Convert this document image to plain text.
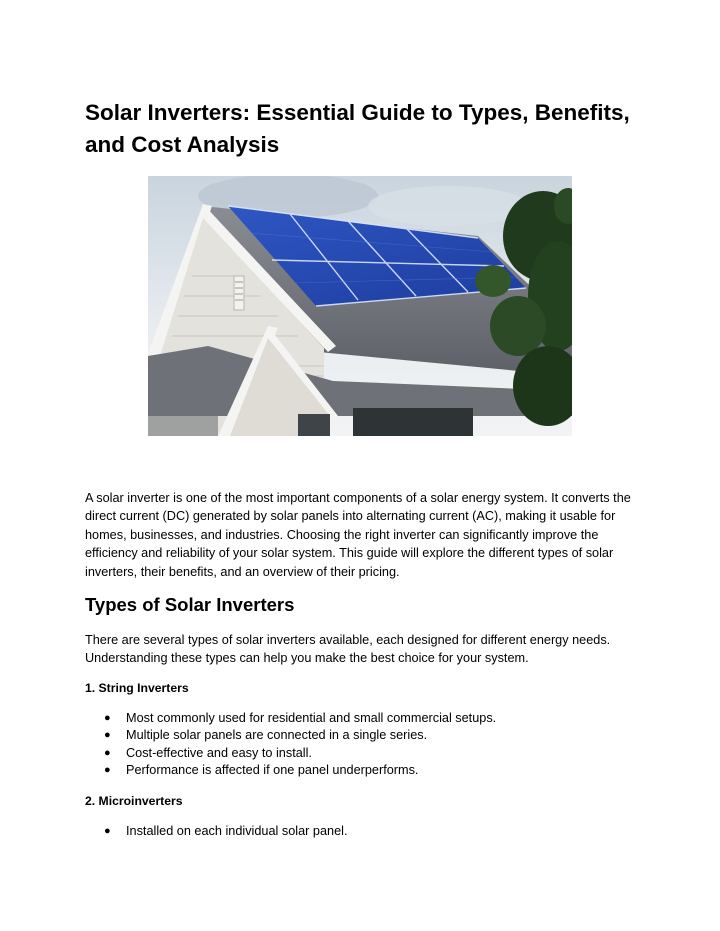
Solar Inverters: Essential Guide to Types, Benefits, and Cost Analysis

A solar inverter is one of the most important components of a solar energy system. It converts the direct current (DC) generated by solar panels into alternating current (AC), making it usable for homes, businesses, and industries. Choosing the right inverter can significantly improve the efficiency and reliability of your solar system. This guide will explore the different types of solar inverters, their benefits, and an overview of their pricing.

Types of Solar Inverters

There are several types of solar inverters available, each designed for different energy needs. Understanding these types can help you make the best choice for your system.

1. String Inverters
● Most commonly used for residential and small commercial setups.
● Multiple solar panels are connected in a single series.
● Cost-effective and easy to install.
● Performance is affected if one panel underperforms.
2. Microinverters
● Installed on each individual solar panel.
